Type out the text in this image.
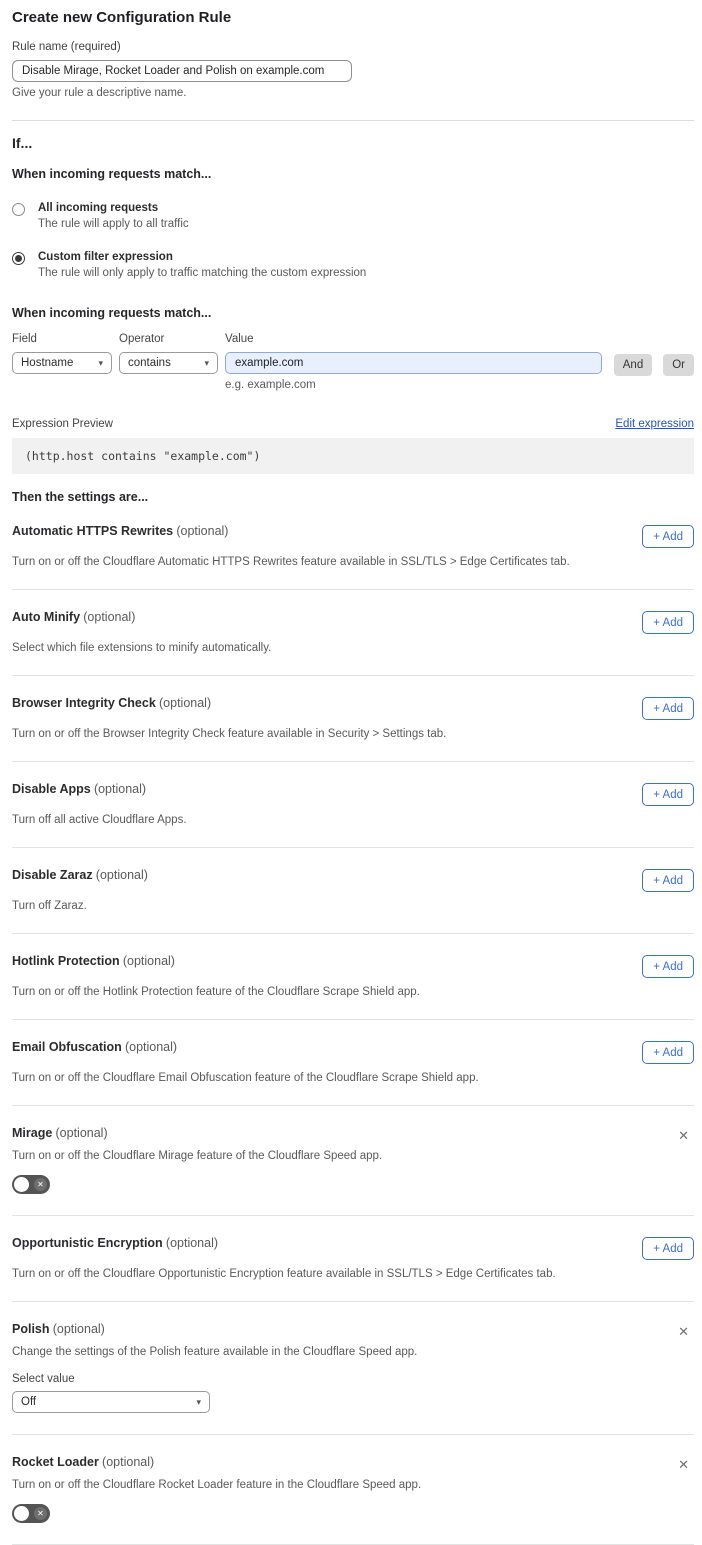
Create new Configuration Rule
Rule name (required)
Disable Mirage, Rocket Loader and Polish on example.com
Give your rule a descriptive name.
If...
When incoming requests match...
All incoming requests
The rule will apply to all traffic
Custom filter expression
The rule will only apply to traffic matching the custom expression
When incoming requests match...
Field
Hostname	▾
Operator
contains	▾
Value
example.com
e.g. example.com
And	Or
Expression Preview	Edit expression
(http.host contains "example.com")
Then the settings are...
Automatic HTTPS Rewrites (optional)	+ Add
Turn on or off the Cloudflare Automatic HTTPS Rewrites feature available in SSL/TLS > Edge Certificates tab.
Auto Minify (optional)	+ Add
Select which file extensions to minify automatically.
Browser Integrity Check (optional)	+ Add
Turn on or off the Browser Integrity Check feature available in Security > Settings tab.
Disable Apps (optional)	+ Add
Turn off all active Cloudflare Apps.
Disable Zaraz (optional)	+ Add
Turn off Zaraz.
Hotlink Protection (optional)	+ Add
Turn on or off the Hotlink Protection feature of the Cloudflare Scrape Shield app.
Email Obfuscation (optional)	+ Add
Turn on or off the Cloudflare Email Obfuscation feature of the Cloudflare Scrape Shield app.
Mirage (optional)	✕
Turn on or off the Cloudflare Mirage feature of the Cloudflare Speed app.
✕
Opportunistic Encryption (optional)	+ Add
Turn on or off the Cloudflare Opportunistic Encryption feature available in SSL/TLS > Edge Certificates tab.
Polish (optional)	✕
Change the settings of the Polish feature available in the Cloudflare Speed app.
Select value
Off	▾
Rocket Loader (optional)	✕
Turn on or off the Cloudflare Rocket Loader feature in the Cloudflare Speed app.
✕
